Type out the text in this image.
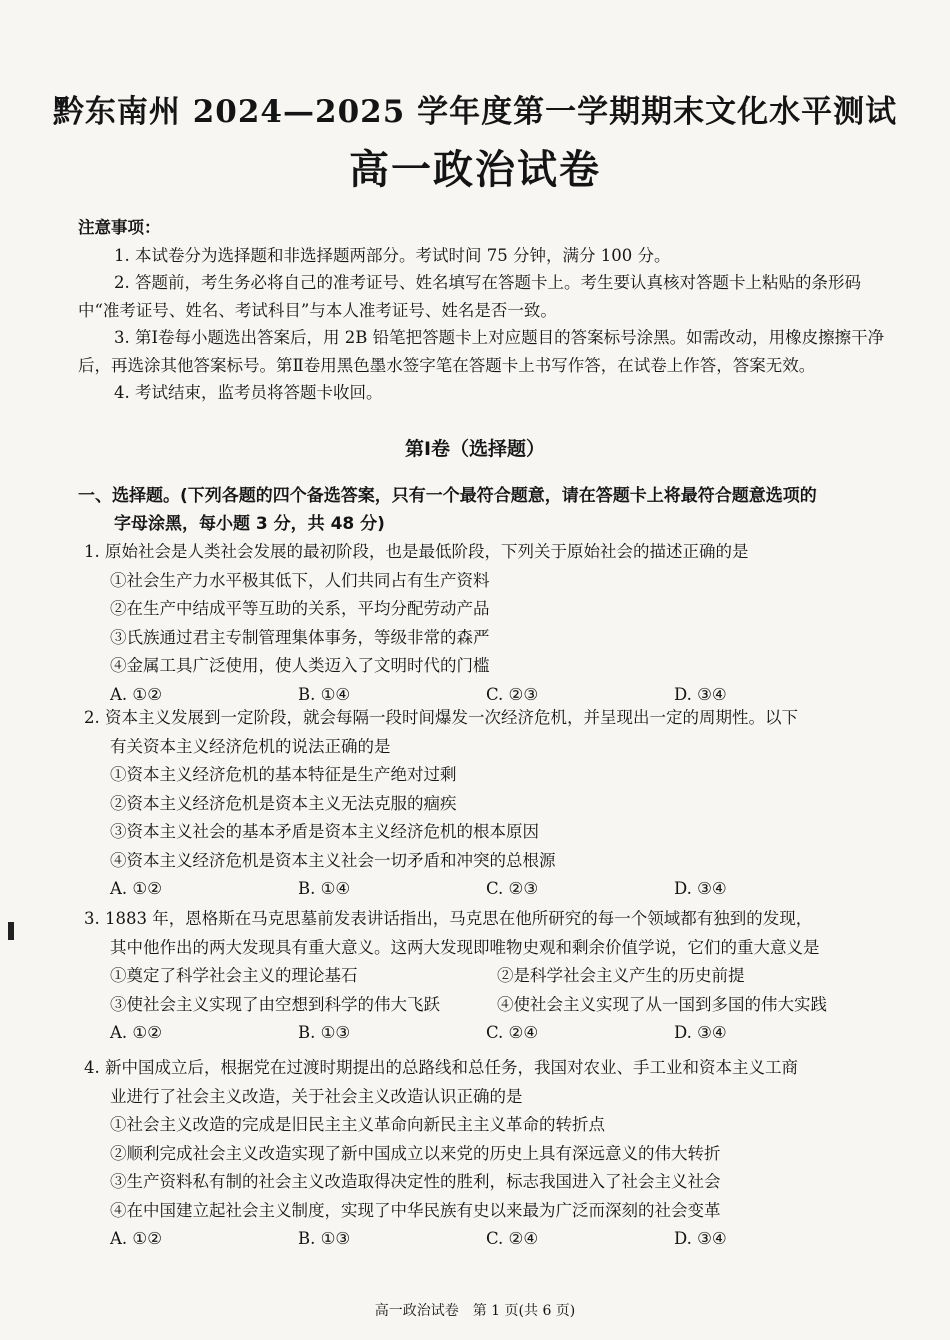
黔东南州 2024—2025 学年度第一学期期末文化水平测试
高一政治试卷
注意事项：

1. 本试卷分为选择题和非选择题两部分。考试时间 75 分钟，满分 100 分。

2. 答题前，考生务必将自己的准考证号、姓名填写在答题卡上。考生要认真核对答题卡上粘贴的条形码中“准考证号、姓名、考试科目”与本人准考证号、姓名是否一致。

3. 第Ⅰ卷每小题选出答案后，用 2B 铅笔把答题卡上对应题目的答案标号涂黑。如需改动，用橡皮擦擦干净后，再选涂其他答案标号。第Ⅱ卷用黑色墨水签字笔在答题卡上书写作答，在试卷上作答，答案无效。

4. 考试结束，监考员将答题卡收回。

第Ⅰ卷（选择题）
一、选择题。(下列各题的四个备选答案，只有一个最符合题意，请在答题卡上将最符合题意选项的
字母涂黑，每小题 3 分，共 48 分)
1. 原始社会是人类社会发展的最初阶段，也是最低阶段，下列关于原始社会的描述正确的是
①社会生产力水平极其低下，人们共同占有生产资料
②在生产中结成平等互助的关系，平均分配劳动产品
③氏族通过君主专制管理集体事务，等级非常的森严
④金属工具广泛使用，使人类迈入了文明时代的门槛
A. ①②	B. ①④	C. ②③	D. ③④
2. 资本主义发展到一定阶段，就会每隔一段时间爆发一次经济危机，并呈现出一定的周期性。以下
有关资本主义经济危机的说法正确的是
①资本主义经济危机的基本特征是生产绝对过剩
②资本主义经济危机是资本主义无法克服的痼疾
③资本主义社会的基本矛盾是资本主义经济危机的根本原因
④资本主义经济危机是资本主义社会一切矛盾和冲突的总根源
A. ①②	B. ①④	C. ②③	D. ③④
3. 1883 年，恩格斯在马克思墓前发表讲话指出，马克思在他所研究的每一个领域都有独到的发现，
其中他作出的两大发现具有重大意义。这两大发现即唯物史观和剩余价值学说，它们的重大意义是
①奠定了科学社会主义的理论基石	②是科学社会主义产生的历史前提
③使社会主义实现了由空想到科学的伟大飞跃	④使社会主义实现了从一国到多国的伟大实践
A. ①②	B. ①③	C. ②④	D. ③④
4. 新中国成立后，根据党在过渡时期提出的总路线和总任务，我国对农业、手工业和资本主义工商
业进行了社会主义改造，关于社会主义改造认识正确的是
①社会主义改造的完成是旧民主主义革命向新民主主义革命的转折点
②顺利完成社会主义改造实现了新中国成立以来党的历史上具有深远意义的伟大转折
③生产资料私有制的社会主义改造取得决定性的胜利，标志我国进入了社会主义社会
④在中国建立起社会主义制度，实现了中华民族有史以来最为广泛而深刻的社会变革
A. ①②	B. ①③	C. ②④	D. ③④
高一政治试卷　第 1 页(共 6 页)
